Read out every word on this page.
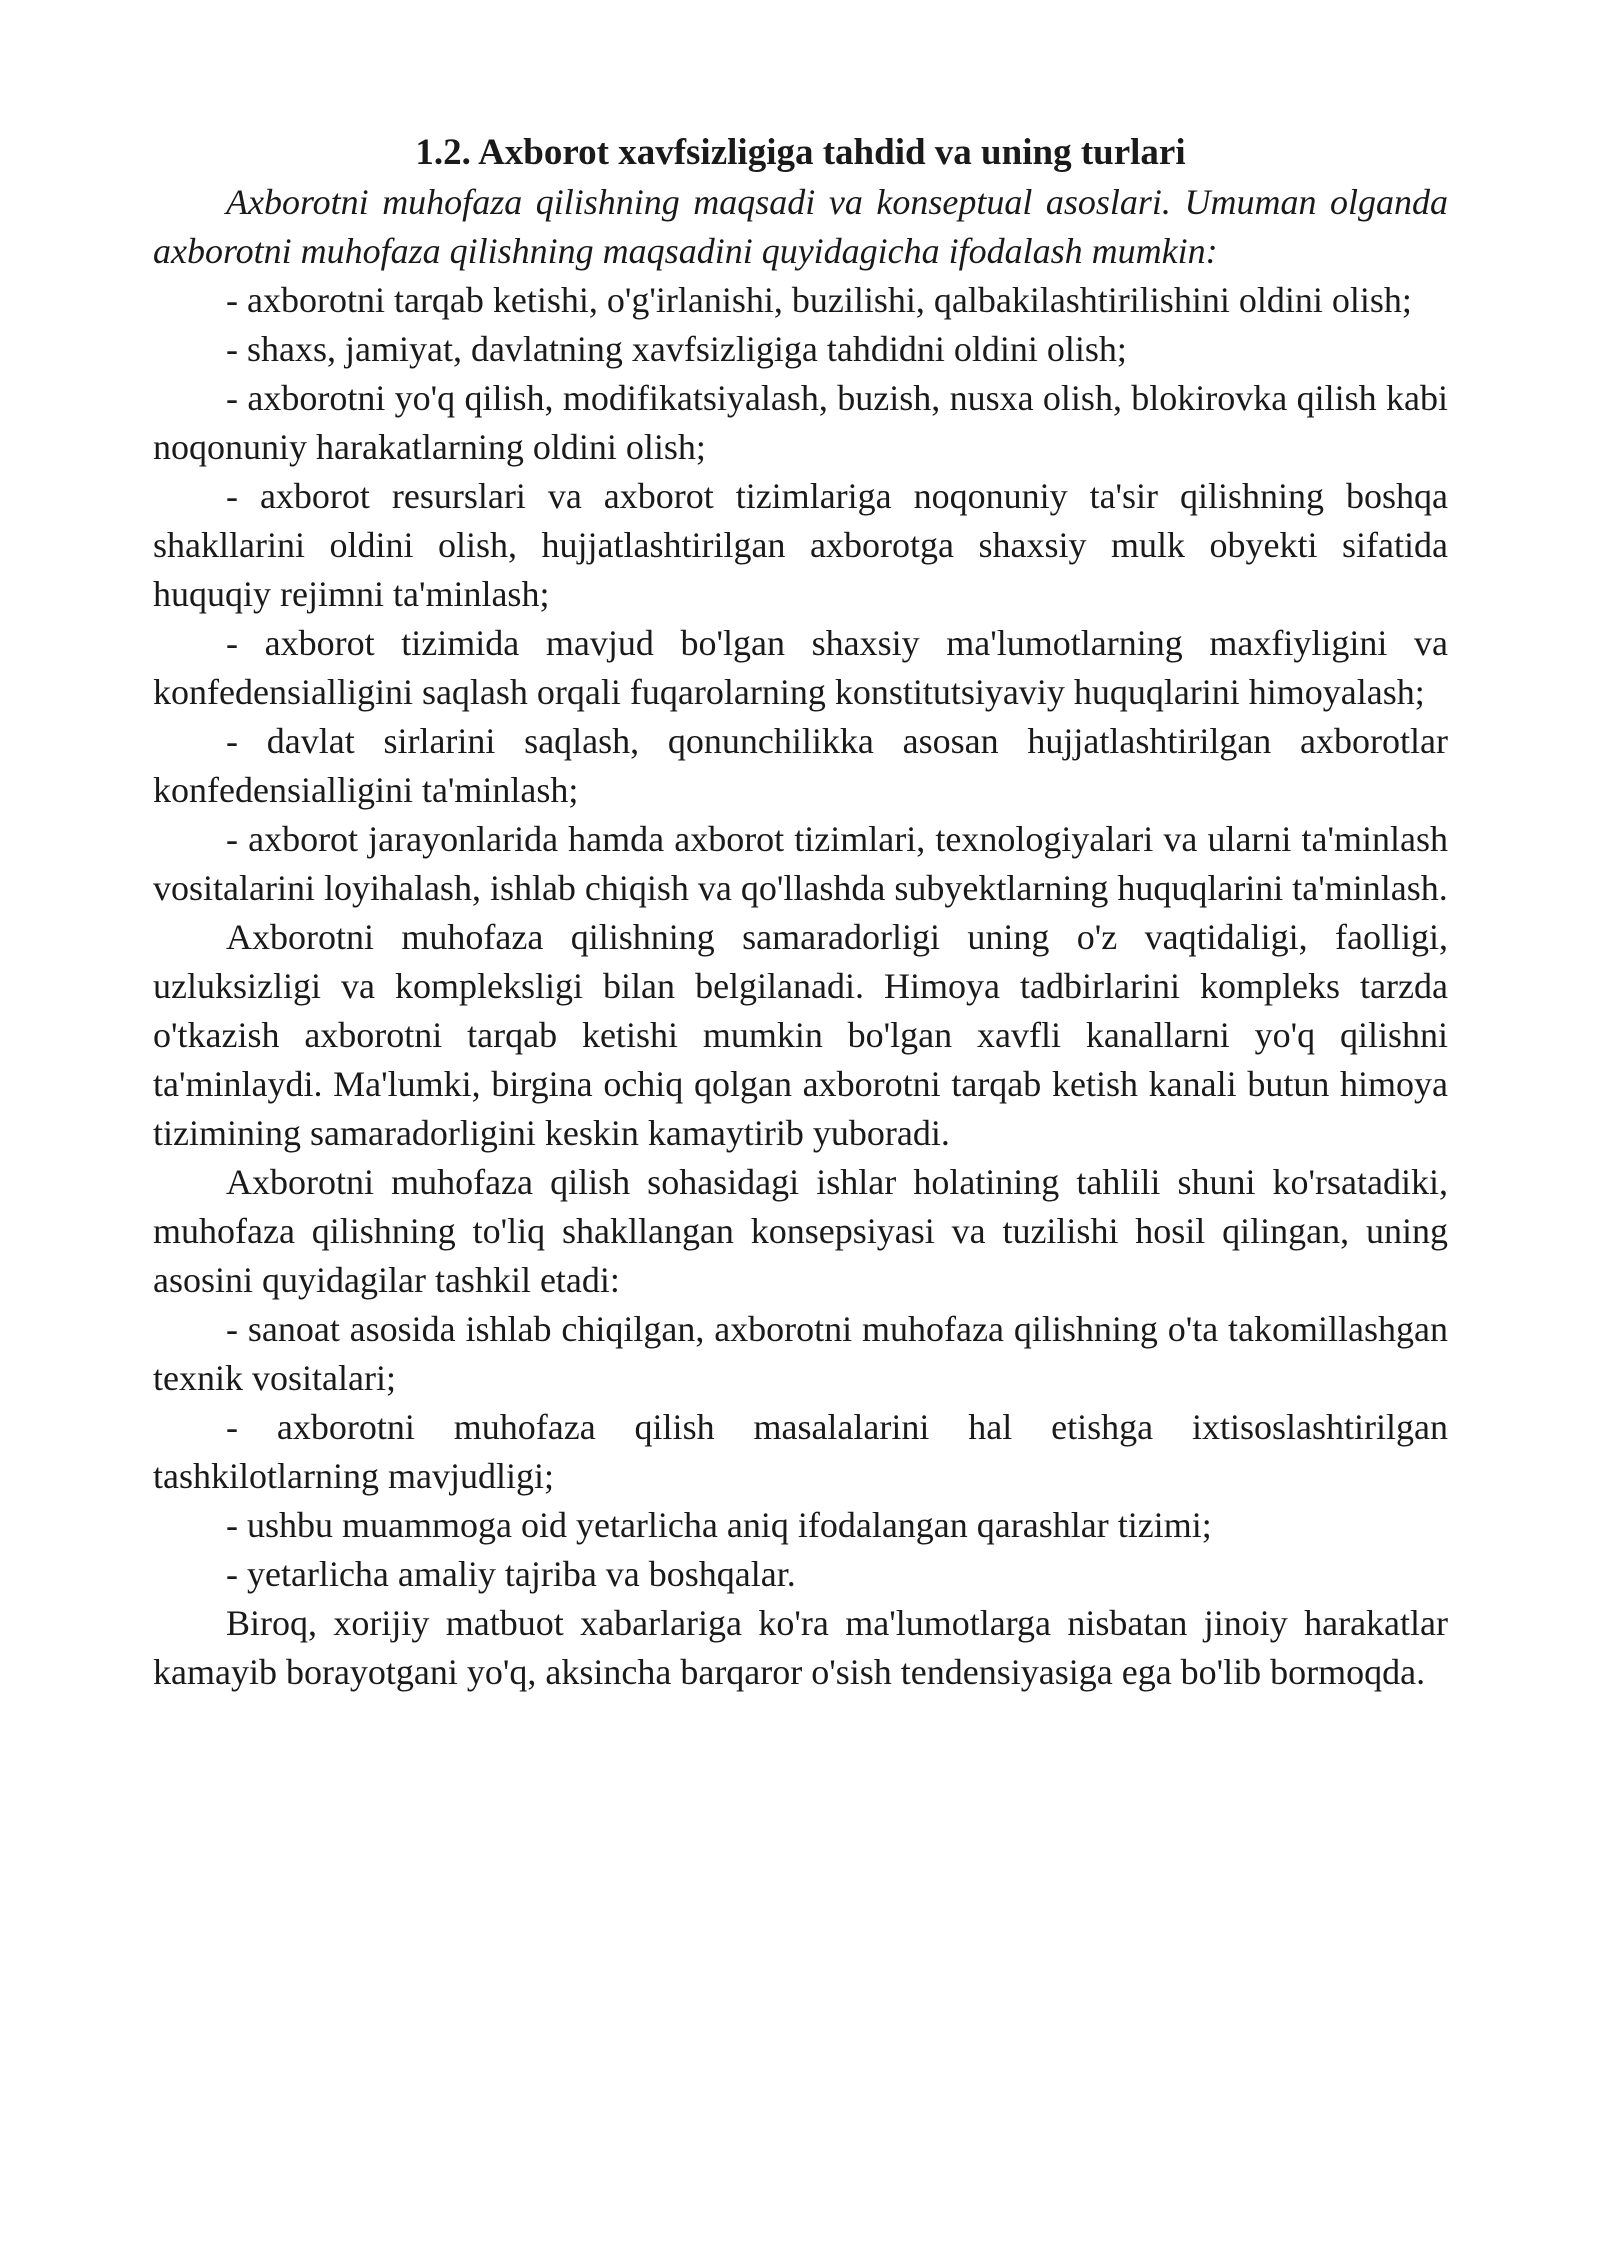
1.2. Axborot xavfsizligiga tahdid va uning turlari

Axborotni muhofaza qilishning maqsadi va konseptual asoslari. Umuman olganda axborotni muhofaza qilishning maqsadini quyidagicha ifodalash mumkin:

- axborotni tarqab ketishi, o'g'irlanishi, buzilishi, qalbakilashtirilishini oldini olish;

- shaxs, jamiyat, davlatning xavfsizligiga tahdidni oldini olish;

- axborotni yo'q qilish, modifikatsiyalash, buzish, nusxa olish, blokirovka qilish kabi noqonuniy harakatlarning oldini olish;

- axborot resurslari va axborot tizimlariga noqonuniy ta'sir qilishning boshqa shakllarini oldini olish, hujjatlashtirilgan axborotga shaxsiy mulk obyekti sifatida huquqiy rejimni ta'minlash;

- axborot tizimida mavjud bo'lgan shaxsiy ma'lumotlarning maxfiyligini va konfedensialligini saqlash orqali fuqarolarning konstitutsiyaviy huquqlarini himoyalash;

- davlat sirlarini saqlash, qonunchilikka asosan hujjatlashtirilgan axborotlar konfedensialligini ta'minlash;

- axborot jarayonlarida hamda axborot tizimlari, texnologiyalari va ularni ta'minlash vositalarini loyihalash, ishlab chiqish va qo'llashda subyektlarning huquqlarini ta'minlash.

Axborotni muhofaza qilishning samaradorligi uning o'z vaqtidaligi, faolligi, uzluksizligi va kompleksligi bilan belgilanadi. Himoya tadbirlarini kompleks tarzda o'tkazish axborotni tarqab ketishi mumkin bo'lgan xavfli kanallarni yo'q qilishni ta'minlaydi. Ma'lumki, birgina ochiq qolgan axborotni tarqab ketish kanali butun himoya tizimining samaradorligini keskin kamaytirib yuboradi.

Axborotni muhofaza qilish sohasidagi ishlar holatining tahlili shuni ko'rsatadiki, muhofaza qilishning to'liq shakllangan konsepsiyasi va tuzilishi hosil qilingan, uning asosini quyidagilar tashkil etadi:

- sanoat asosida ishlab chiqilgan, axborotni muhofaza qilishning o'ta takomillashgan texnik vositalari;

- axborotni muhofaza qilish masalalarini hal etishga ixtisoslashtirilgan tashkilotlarning mavjudligi;

- ushbu muammoga oid yetarlicha aniq ifodalangan qarashlar tizimi;

- yetarlicha amaliy tajriba va boshqalar.

Biroq, xorijiy matbuot xabarlariga ko'ra ma'lumotlarga nisbatan jinoiy harakatlar kamayib borayotgani yo'q, aksincha barqaror o'sish tendensiyasiga ega bo'lib bormoqda.
